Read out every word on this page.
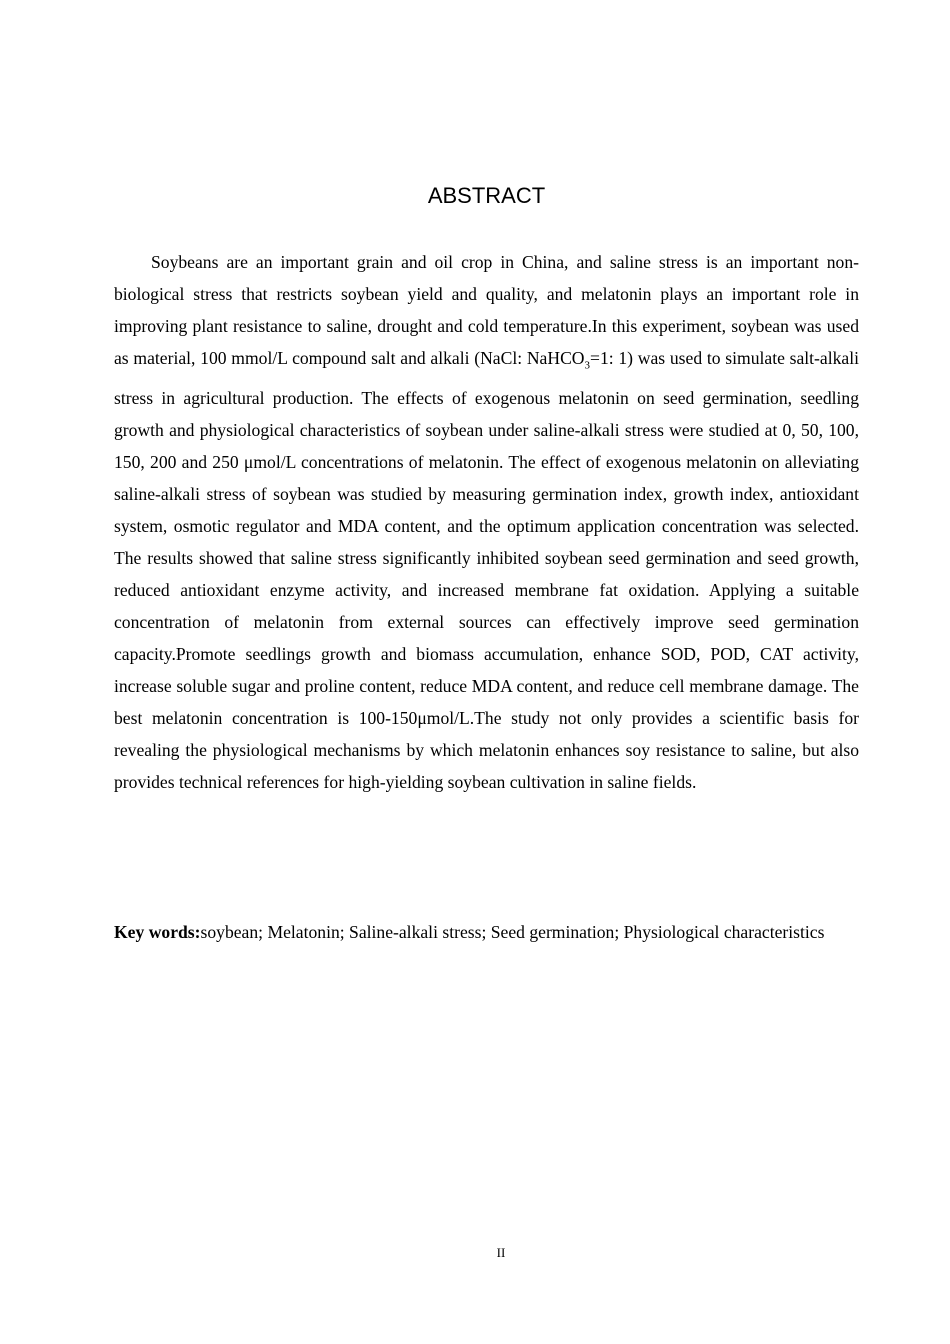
ABSTRACT

Soybeans are an important grain and oil crop in China, and saline stress is an important non-biological stress that restricts soybean yield and quality, and melatonin plays an important role in improving plant resistance to saline, drought and cold temperature.In this experiment, soybean was used as material, 100 mmol/L compound salt and alkali (NaCl: NaHCO$_3$=1: 1) was used to simulate salt-alkali stress in agricultural production. The effects of exogenous melatonin on seed germination, seedling growth and physiological characteristics of soybean under saline-alkali stress were studied at 0, 50, 100, 150, 200 and 250 μmol/L concentrations of melatonin. The effect of exogenous melatonin on alleviating saline-alkali stress of soybean was studied by measuring germination index, growth index, antioxidant system, osmotic regulator and MDA content, and the optimum application concentration was selected. The results showed that saline stress significantly inhibited soybean seed germination and seed growth, reduced antioxidant enzyme activity, and increased membrane fat oxidation. Applying a suitable concentration of melatonin from external sources can effectively improve seed germination capacity.Promote seedlings growth and biomass accumulation, enhance SOD, POD, CAT activity, increase soluble sugar and proline content, reduce MDA content, and reduce cell membrane damage. The best melatonin concentration is 100-150μmol/L.The study not only provides a scientific basis for revealing the physiological mechanisms by which melatonin enhances soy resistance to saline, but also provides technical references for high-yielding soybean cultivation in saline fields.

Key words:soybean; Melatonin; Saline-alkali stress; Seed germination; Physiological characteristics

II
